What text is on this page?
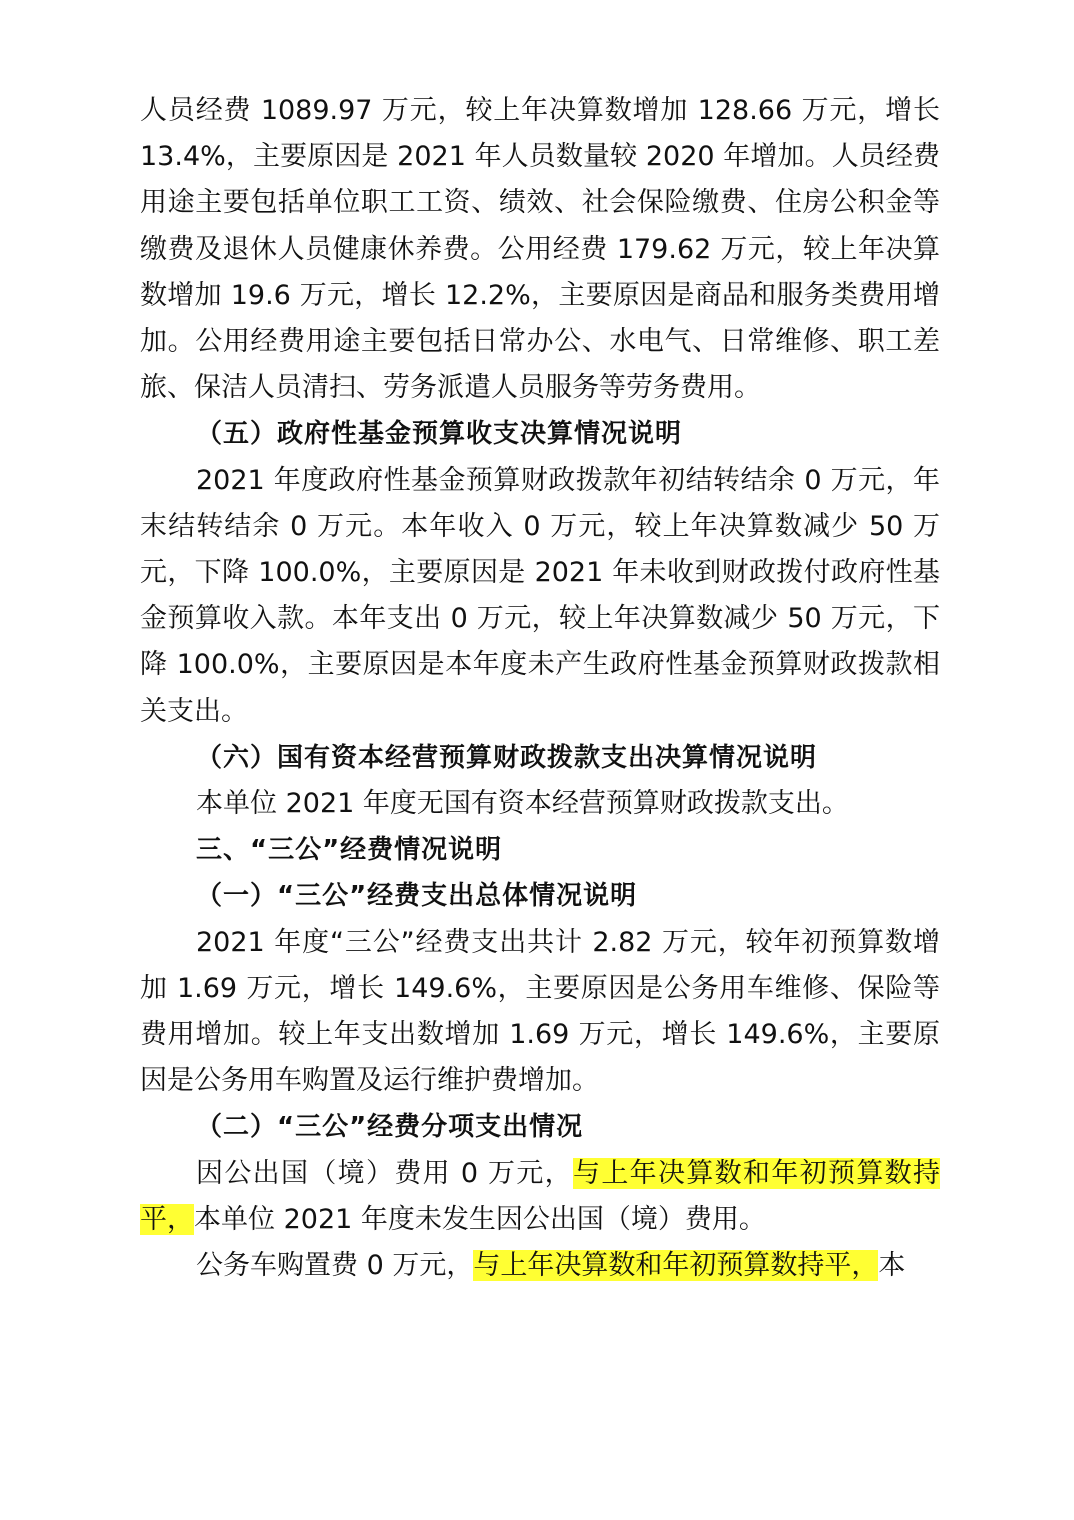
人员经费 1089.97 万元，较上年决算数增加 128.66 万元，增长 13.4%，主要原因是 2021 年人员数量较 2020 年增加。人员经费用途主要包括单位职工工资、绩效、社会保险缴费、住房公积金等缴费及退休人员健康休养费。公用经费 179.62 万元，较上年决算数增加 19.6 万元，增长 12.2%，主要原因是商品和服务类费用增加。公用经费用途主要包括日常办公、水电气、日常维修、职工差旅、保洁人员清扫、劳务派遣人员服务等劳务费用。

（五）政府性基金预算收支决算情况说明

2021 年度政府性基金预算财政拨款年初结转结余 0 万元，年末结转结余 0 万元。本年收入 0 万元，较上年决算数减少 50 万元，下降 100.0%，主要原因是 2021 年未收到财政拨付政府性基金预算收入款。本年支出 0 万元，较上年决算数减少 50 万元，下降 100.0%，主要原因是本年度未产生政府性基金预算财政拨款相关支出。

（六）国有资本经营预算财政拨款支出决算情况说明

本单位 2021 年度无国有资本经营预算财政拨款支出。

三、“三公”经费情况说明

（一）“三公”经费支出总体情况说明

2021 年度“三公”经费支出共计 2.82 万元，较年初预算数增加 1.69 万元，增长 149.6%，主要原因是公务用车维修、保险等费用增加。较上年支出数增加 1.69 万元，增长 149.6%，主要原因是公务用车购置及运行维护费增加。

（二）“三公”经费分项支出情况

因公出国（境）费用 0 万元，与上年决算数和年初预算数持平，本单位 2021 年度未发生因公出国（境）费用。

公务车购置费 0 万元，与上年决算数和年初预算数持平，本
